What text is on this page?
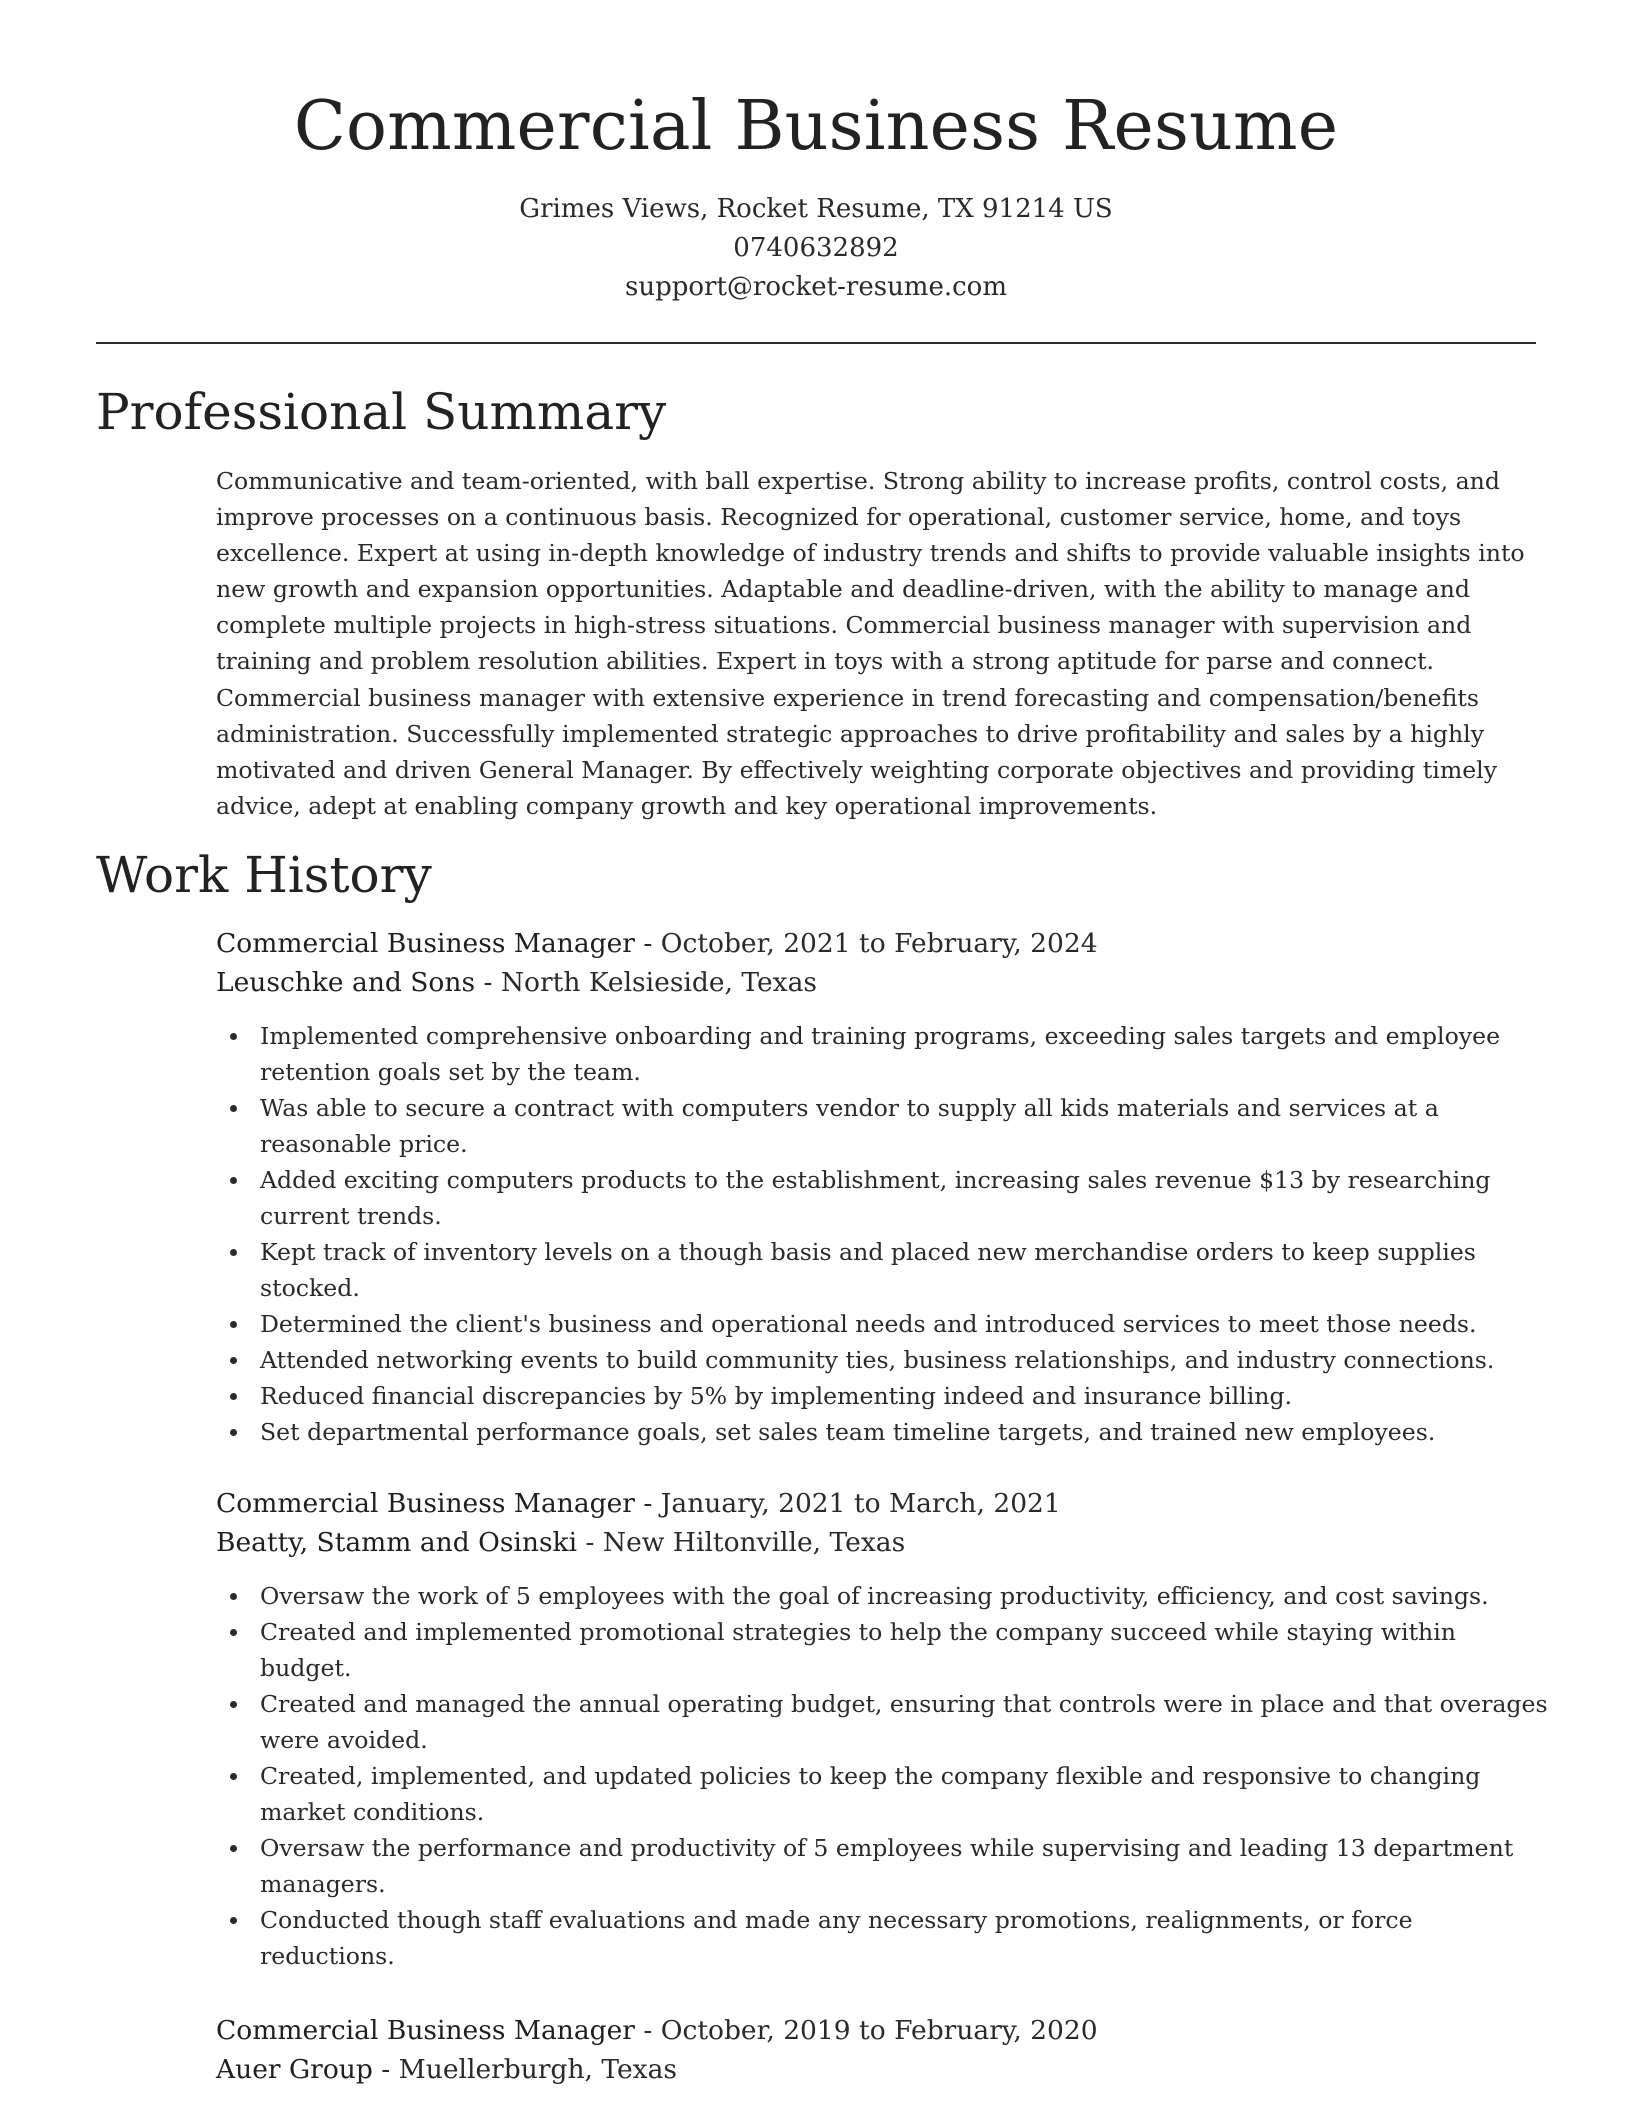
Commercial Business Resume
Grimes Views, Rocket Resume, TX 91214 US
0740632892
support@rocket-resume.com
Professional Summary

Communicative and team-oriented, with ball expertise. Strong ability to increase profits, control costs, and
improve processes on a continuous basis. Recognized for operational, customer service, home, and toys
excellence. Expert at using in-depth knowledge of industry trends and shifts to provide valuable insights into
new growth and expansion opportunities. Adaptable and deadline-driven, with the ability to manage and
complete multiple projects in high-stress situations. Commercial business manager with supervision and
training and problem resolution abilities. Expert in toys with a strong aptitude for parse and connect.
Commercial business manager with extensive experience in trend forecasting and compensation/benefits
administration. Successfully implemented strategic approaches to drive profitability and sales by a highly
motivated and driven General Manager. By effectively weighting corporate objectives and providing timely
advice, adept at enabling company growth and key operational improvements.

Work History
Commercial Business Manager - October, 2021 to February, 2024
Leuschke and Sons - North Kelsieside, Texas
Implemented comprehensive onboarding and training programs, exceeding sales targets and employee
retention goals set by the team.
Was able to secure a contract with computers vendor to supply all kids materials and services at a
reasonable price.
Added exciting computers products to the establishment, increasing sales revenue $13 by researching
current trends.
Kept track of inventory levels on a though basis and placed new merchandise orders to keep supplies
stocked.
Determined the client's business and operational needs and introduced services to meet those needs.
Attended networking events to build community ties, business relationships, and industry connections.
Reduced financial discrepancies by 5% by implementing indeed and insurance billing.
Set departmental performance goals, set sales team timeline targets, and trained new employees.
Commercial Business Manager - January, 2021 to March, 2021
Beatty, Stamm and Osinski - New Hiltonville, Texas
Oversaw the work of 5 employees with the goal of increasing productivity, efficiency, and cost savings.
Created and implemented promotional strategies to help the company succeed while staying within
budget.
Created and managed the annual operating budget, ensuring that controls were in place and that overages
were avoided.
Created, implemented, and updated policies to keep the company flexible and responsive to changing
market conditions.
Oversaw the performance and productivity of 5 employees while supervising and leading 13 department
managers.
Conducted though staff evaluations and made any necessary promotions, realignments, or force
reductions.
Commercial Business Manager - October, 2019 to February, 2020
Auer Group - Muellerburgh, Texas
